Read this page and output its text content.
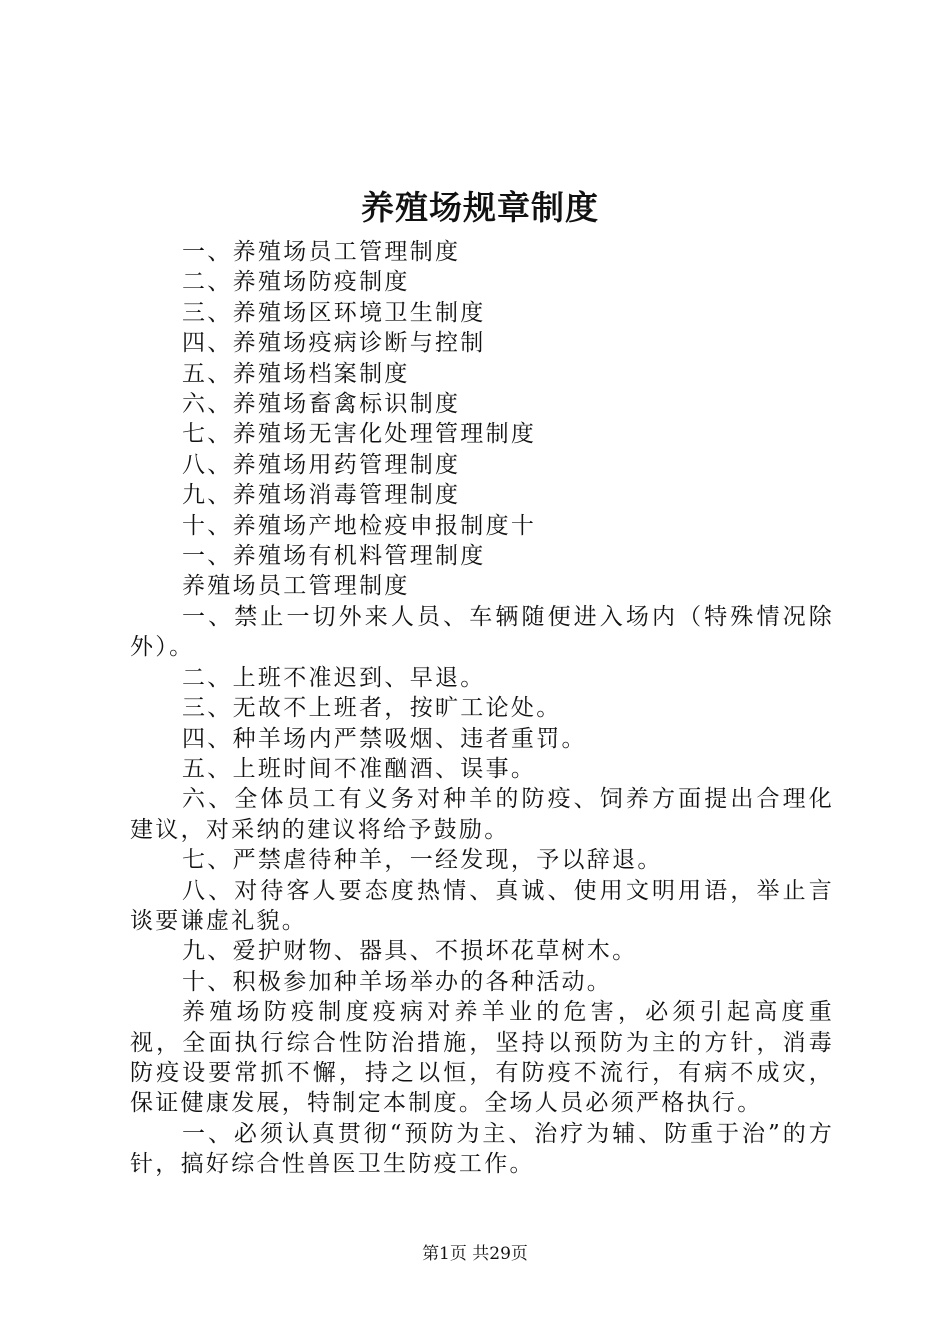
养殖场规章制度

一、养殖场员工管理制度

二、养殖场防疫制度

三、养殖场区环境卫生制度

四、养殖场疫病诊断与控制

五、养殖场档案制度

六、养殖场畜禽标识制度

七、养殖场无害化处理管理制度

八、养殖场用药管理制度

九、养殖场消毒管理制度

十、养殖场产地检疫申报制度十

一、养殖场有机料管理制度

养殖场员工管理制度

一、禁止一切外来人员、车辆随便进入场内（特殊情况除外）。

二、上班不准迟到、早退。

三、无故不上班者，按旷工论处。

四、种羊场内严禁吸烟、违者重罚。

五、上班时间不准酗酒、误事。

六、全体员工有义务对种羊的防疫、饲养方面提出合理化建议，对采纳的建议将给予鼓励。

七、严禁虐待种羊，一经发现，予以辞退。

八、对待客人要态度热情、真诚、使用文明用语，举止言谈要谦虚礼貌。

九、爱护财物、器具、不损坏花草树木。

十、积极参加种羊场举办的各种活动。

养殖场防疫制度疫病对养羊业的危害，必须引起高度重视，全面执行综合性防治措施，坚持以预防为主的方针，消毒防疫设要常抓不懈，持之以恒，有防疫不流行，有病不成灾，保证健康发展，特制定本制度。全场人员必须严格执行。

一、必须认真贯彻“预防为主、治疗为辅、防重于治”的方针，搞好综合性兽医卫生防疫工作。

第1页 共29页
